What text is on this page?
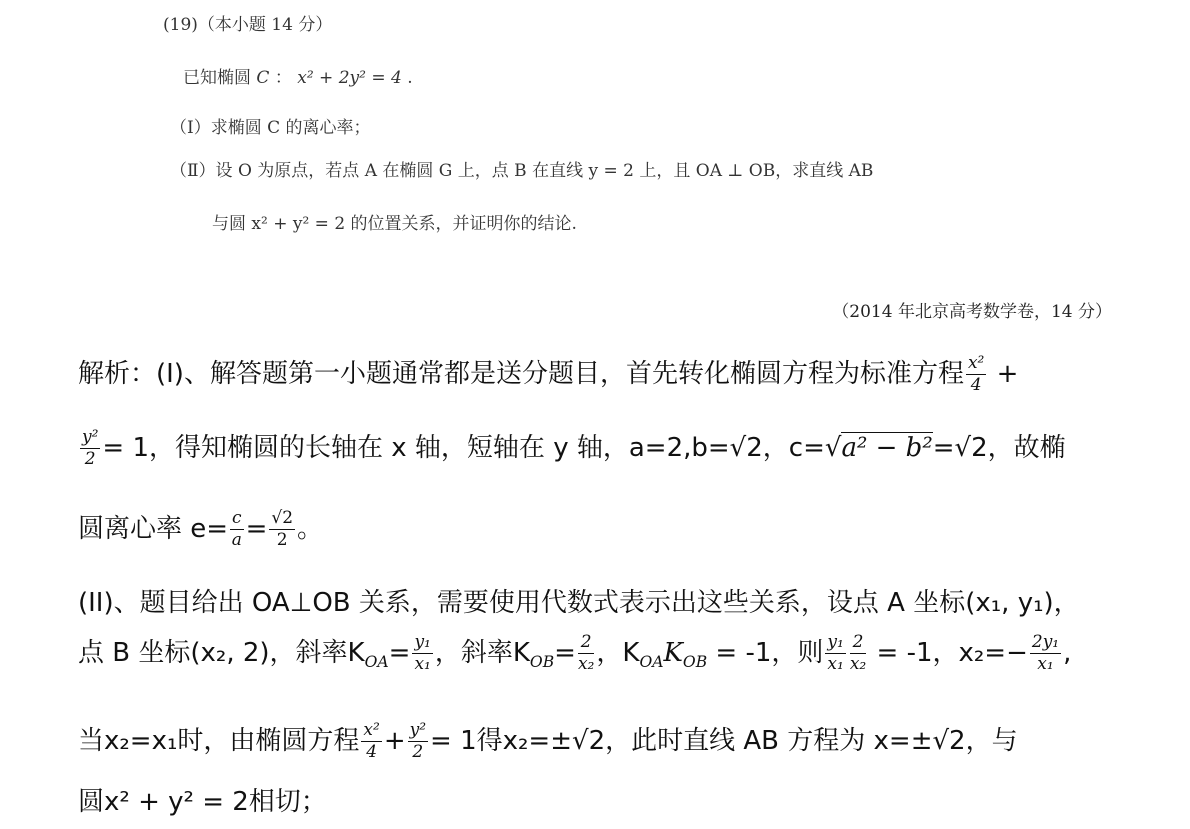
(19)（本小题 14 分）
已知椭圆 C ： x² + 2y² = 4 .
（Ⅰ）求椭圆 C 的离心率；
（Ⅱ）设 O 为原点，若点 A 在椭圆 G 上，点 B 在直线 y = 2 上，且 OA ⊥ OB，求直线 AB
与圆 x² + y² = 2 的位置关系，并证明你的结论.
（2014 年北京高考数学卷，14 分）
解析：(I)、解答题第一小题通常都是送分题目，首先转化椭圆方程为标准方程 $\frac{\text{x²}}{4}$ +
$\frac{\text{y²}}{2} = 1$，得知椭圆的长轴在 x 轴，短轴在 y 轴，a=2,b=√2，c=√a² − b²=√2，故椭
圆离心率 $e= \frac{c}{a} = \frac{√2}{2}$ 。
(II)、题目给出 OA⊥OB 关系，需要使用代数式表示出这些关系，设点 A 坐标(x₁, y₁)，
点 B 坐标(x₂, 2)，斜率$K_{OA}= \frac{\text{y₁}}{\text{x₁}}$ ，斜率$K_{OB}= \frac{2}{\text{x₂}}$ ，$K_{OA}K_{OB} = -1$，则 $\frac{\text{y₁}}{\text{x₁}} \frac{2}{\text{x₂}} = -1$，$x_2=- \frac{\text{2y₁}}{\text{x₁}}$ ,
当x₂=x₁时，由椭圆方程 $\frac{\text{x²}}{4} + \frac{\text{y²}}{2} = 1$得x₂=±√2，此时直线 AB 方程为 x=±√2，与
圆x² + y² = 2相切；
